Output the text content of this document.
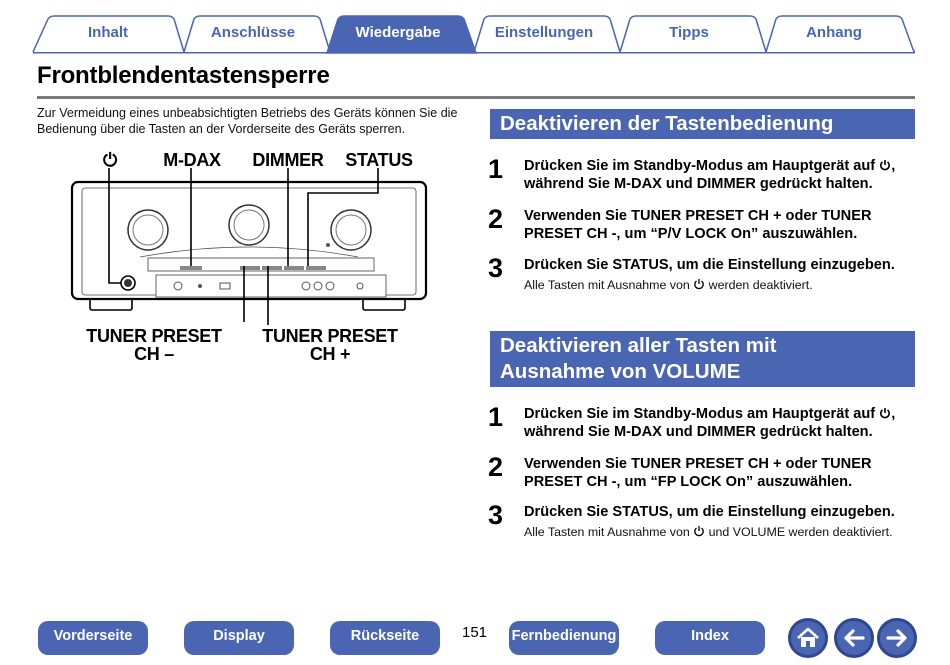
Inhalt	Anschlüsse	Wiedergabe	Einstellungen	Tipps	Anhang
Frontblendentastensperre
Zur Vermeidung eines unbeabsichtigten Betriebs des Geräts können Sie die Bedienung über die Tasten an der Vorderseite des Geräts sperren.
⏻	M-DAX	DIMMER STATUS
TUNER PRESET
CH –
TUNER PRESET
CH +
Deaktivieren der Tastenbedienung
1 Drücken Sie im Standby-Modus am Hauptgerät auf , während Sie M-DAX und DIMMER gedrückt halten.
2 Verwenden Sie TUNER PRESET CH + oder TUNER PRESET CH -, um “P/V LOCK On” auszuwählen.
3 Drücken Sie STATUS, um die Einstellung einzugeben.
Alle Tasten mit Ausnahme von  werden deaktiviert.
Deaktivieren aller Tasten mit
Ausnahme von VOLUME
1 Drücken Sie im Standby-Modus am Hauptgerät auf , während Sie M-DAX und DIMMER gedrückt halten.
2 Verwenden Sie TUNER PRESET CH + oder TUNER PRESET CH -, um “FP LOCK On” auszuwählen.
3 Drücken Sie STATUS, um die Einstellung einzugeben.
Alle Tasten mit Ausnahme von  und VOLUME werden deaktiviert.
Vorderseite	Display	Rückseite	151 Fernbedienung	Index
